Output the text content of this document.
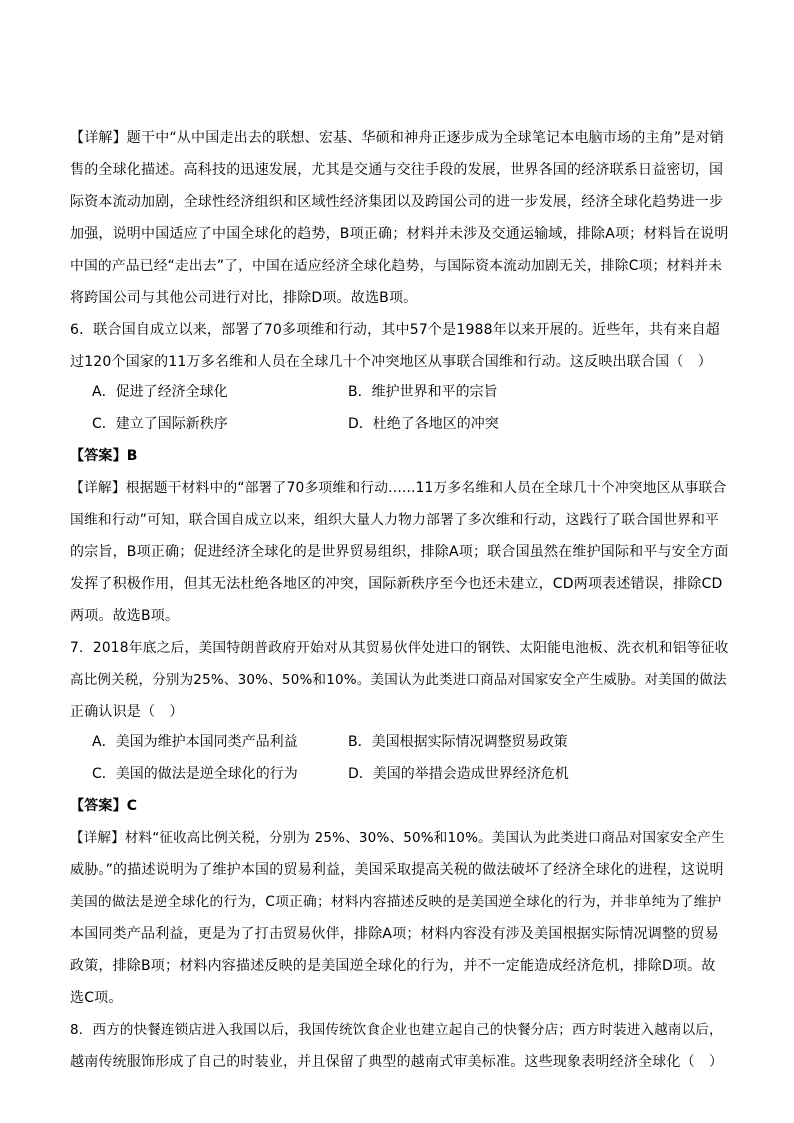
【详解】题干中“从中国走出去的联想、宏基、华硕和神舟正逐步成为全球笔记本电脑市场的主角”是对销
售的全球化描述。高科技的迅速发展，尤其是交通与交往手段的发展，世界各国的经济联系日益密切，国
际资本流动加剧，全球性经济组织和区域性经济集团以及跨国公司的进一步发展，经济全球化趋势进一步
加强，说明中国适应了中国全球化的趋势，B项正确；材料并未涉及交通运输域，排除A项；材料旨在说明
中国的产品已经“走出去”了，中国在适应经济全球化趋势，与国际资本流动加剧无关，排除C项；材料并未
将跨国公司与其他公司进行对比，排除D项。故选B项。
6．联合国自成立以来，部署了70多项维和行动，其中57个是1988年以来开展的。近些年，共有来自超
过120个国家的11万多名维和人员在全球几十个冲突地区从事联合国维和行动。这反映出联合国（　）
A．促进了经济全球化	B．维护世界和平的宗旨
C．建立了国际新秩序	D．杜绝了各地区的冲突
【答案】B
【详解】根据题干材料中的“部署了70多项维和行动......11万多名维和人员在全球几十个冲突地区从事联合
国维和行动”可知，联合国自成立以来，组织大量人力物力部署了多次维和行动，这践行了联合国世界和平
的宗旨，B项正确；促进经济全球化的是世界贸易组织，排除A项；联合国虽然在维护国际和平与安全方面
发挥了积极作用，但其无法杜绝各地区的冲突，国际新秩序至今也还未建立，CD两项表述错误，排除CD
两项。故选B项。
7．2018年底之后，美国特朗普政府开始对从其贸易伙伴处进口的钢铁、太阳能电池板、洗衣机和铝等征收
高比例关税，分别为25%、30%、50%和10%。美国认为此类进口商品对国家安全产生威胁。对美国的做法
正确认识是（　）
A．美国为维护本国同类产品利益	B．美国根据实际情况调整贸易政策
C．美国的做法是逆全球化的行为	D．美国的举措会造成世界经济危机
【答案】C
【详解】材料“征收高比例关税，分别为 25%、30%、50%和10%。美国认为此类进口商品对国家安全产生
威胁。”的描述说明为了维护本国的贸易利益，美国采取提高关税的做法破坏了经济全球化的进程，这说明
美国的做法是逆全球化的行为，C项正确；材料内容描述反映的是美国逆全球化的行为，并非单纯为了维护
本国同类产品利益，更是为了打击贸易伙伴，排除A项；材料内容没有涉及美国根据实际情况调整的贸易
政策，排除B项；材料内容描述反映的是美国逆全球化的行为，并不一定能造成经济危机，排除D项。故
选C项。
8．西方的快餐连锁店进入我国以后，我国传统饮食企业也建立起自己的快餐分店；西方时装进入越南以后，
越南传统服饰形成了自己的时装业，并且保留了典型的越南式审美标准。这些现象表明经济全球化（　）
